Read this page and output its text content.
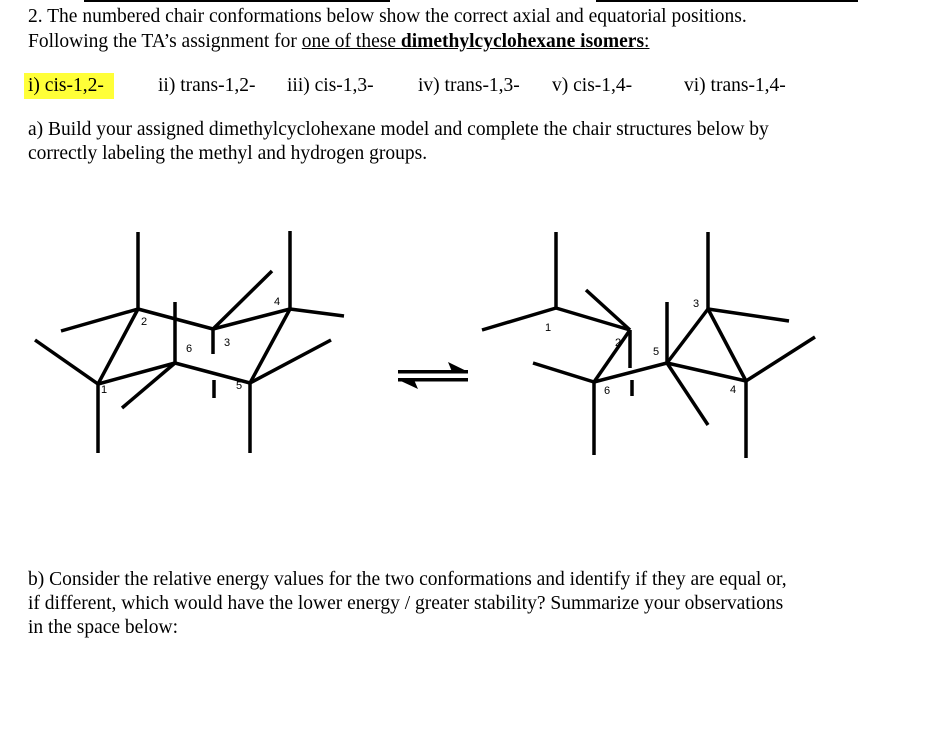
2. The numbered chair conformations below show the correct axial and equatorial positions.
Following the TA’s assignment for one of these dimethylcyclohexane isomers:
i) cis-1,2-	ii) trans-1,2- iii) cis-1,3- iv) trans-1,3- v) cis-1,4-	vi) trans-1,4-
a) Build your assigned dimethylcyclohexane model and complete the chair structures below by
correctly labeling the methyl and hydrogen groups.
1
2
3
4
5
6
1
2
3
4
5
6
b) Consider the relative energy values for the two conformations and identify if they are equal or,
if different, which would have the lower energy / greater stability? Summarize your observations
in the space below:
